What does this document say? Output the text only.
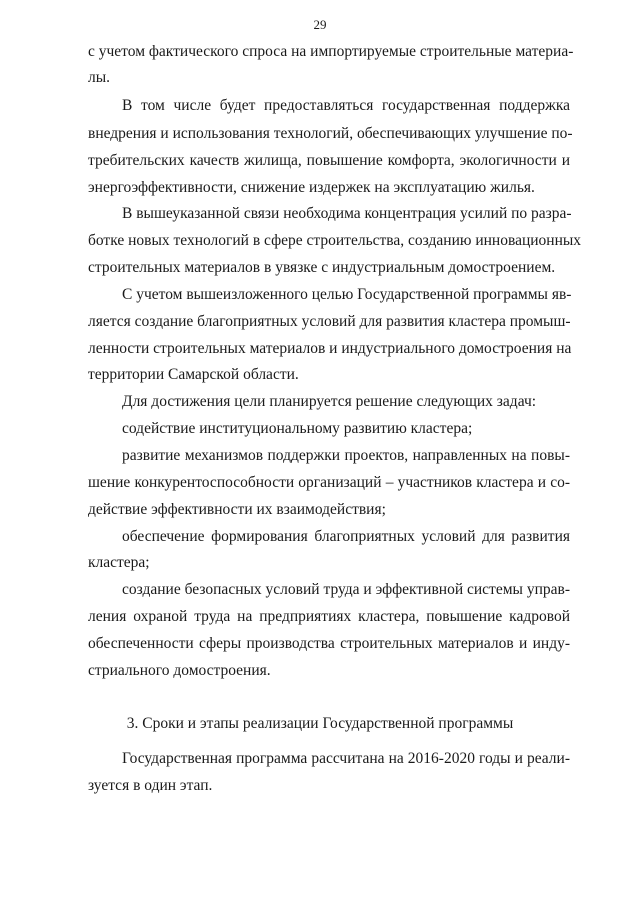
29
с учетом фактического спроса на импортируемые строительные материа-
лы.
В том числе будет предоставляться государственная поддержка
внедрения и использования технологий, обеспечивающих улучшение по-
требительских качеств жилища, повышение комфорта, экологичности и
энергоэффективности, снижение издержек на эксплуатацию жилья.
В вышеуказанной связи необходима концентрация усилий по разра-
ботке новых технологий в сфере строительства, созданию инновационных
строительных материалов в увязке с индустриальным домостроением.
С учетом вышеизложенного целью Государственной программы яв-
ляется создание благоприятных условий для развития кластера промыш-
ленности строительных материалов и индустриального домостроения на
территории Самарской области.
Для достижения цели планируется решение следующих задач:
содействие институциональному развитию кластера;
развитие механизмов поддержки проектов, направленных на повы-
шение конкурентоспособности организаций – участников кластера и со-
действие эффективности их взаимодействия;
обеспечение формирования благоприятных условий для развития
кластера;
создание безопасных условий труда и эффективной системы управ-
ления охраной труда на предприятиях кластера, повышение кадровой
обеспеченности сферы производства строительных материалов и инду-
стриального домостроения.
3. Сроки и этапы реализации Государственной программы
Государственная программа рассчитана на 2016-2020 годы и реали-
зуется в один этап.
